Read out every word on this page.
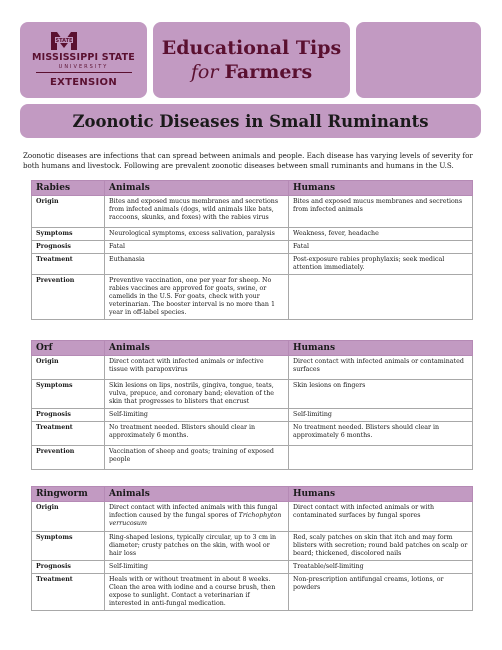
STATE
MISSISSIPPI STATE
UNIVERSITY
EXTENSION
Educational Tips
for Farmers
Zoonotic Diseases in Small Ruminants
Zoonotic diseases are infections that can spread between animals and people. Each disease has varying levels of severity for both humans and livestock. Following are prevalent zoonotic diseases between small ruminants and humans in the U.S.
Rabies	Animals	Humans
Origin	Bites and exposed mucus membranes and secretions from infected animals (dogs, wild animals like bats, raccoons, skunks, and foxes) with the rabies virus	Bites and exposed mucus membranes and secretions from infected animals
Symptoms	Neurological symptoms, excess salivation, paralysis	Weakness, fever, headache
Prognosis	Fatal	Fatal
Treatment	Euthanasia	Post-exposure rabies prophylaxis; seek medical attention immediately.
Prevention	Preventive vaccination, one per year for sheep. No rabies vaccines are approved for goats, swine, or camelids in the U.S. For goats, check with your veterinarian. The booster interval is no more than 1 year in off-label species.	
Orf	Animals	Humans
Origin	Direct contact with infected animals or infective tissue with parapoxvirus	Direct contact with infected animals or contaminated surfaces
Symptoms	Skin lesions on lips, nostrils, gingiva, tongue, teats, vulva, prepuce, and coronary band; elevation of the skin that progresses to blisters that encrust	Skin lesions on fingers
Prognosis	Self-limiting	Self-limiting
Treatment	No treatment needed. Blisters should clear in approximately 6 months.	No treatment needed. Blisters should clear in approximately 6 months.
Prevention	Vaccination of sheep and goats; training of exposed people	
Ringworm	Animals	Humans
Origin	Direct contact with infected animals with this fungal infection caused by the fungal spores of Trichophyton verrucosum	Direct contact with infected animals or with contaminated surfaces by fungal spores
Symptoms	Ring-shaped lesions, typically circular, up to 3 cm in diameter; crusty patches on the skin, with wool or hair loss	Red, scaly patches on skin that itch and may form blisters with secretion; round bald patches on scalp or beard; thickened, discolored nails
Prognosis	Self-limiting	Treatable/self-limiting
Treatment	Heals with or without treatment in about 8 weeks. Clean the area with iodine and a course brush, then expose to sunlight. Contact a veterinarian if interested in anti-fungal medication.	Non-prescription antifungal creams, lotions, or powders
